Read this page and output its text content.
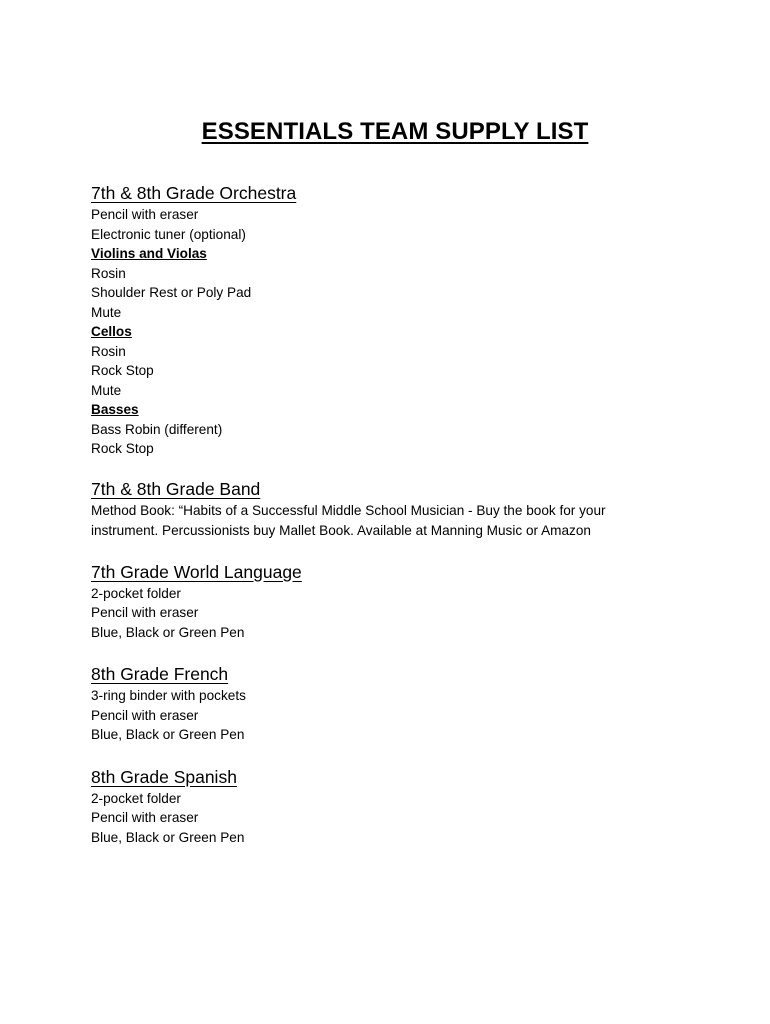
ESSENTIALS TEAM SUPPLY LIST
7th & 8th Grade Orchestra
Pencil with eraser
Electronic tuner (optional)
Violins and Violas
Rosin
Shoulder Rest or Poly Pad
Mute
Cellos
Rosin
Rock Stop
Mute
Basses
Bass Robin (different)
Rock Stop
7th & 8th Grade Band
Method Book: “Habits of a Successful Middle School Musician - Buy the book for your instrument. Percussionists buy Mallet Book. Available at Manning Music or Amazon
7th Grade World Language
2-pocket folder
Pencil with eraser
Blue, Black or Green Pen
8th Grade French
3-ring binder with pockets
Pencil with eraser
Blue, Black or Green Pen
8th Grade Spanish
2-pocket folder
Pencil with eraser
Blue, Black or Green Pen
